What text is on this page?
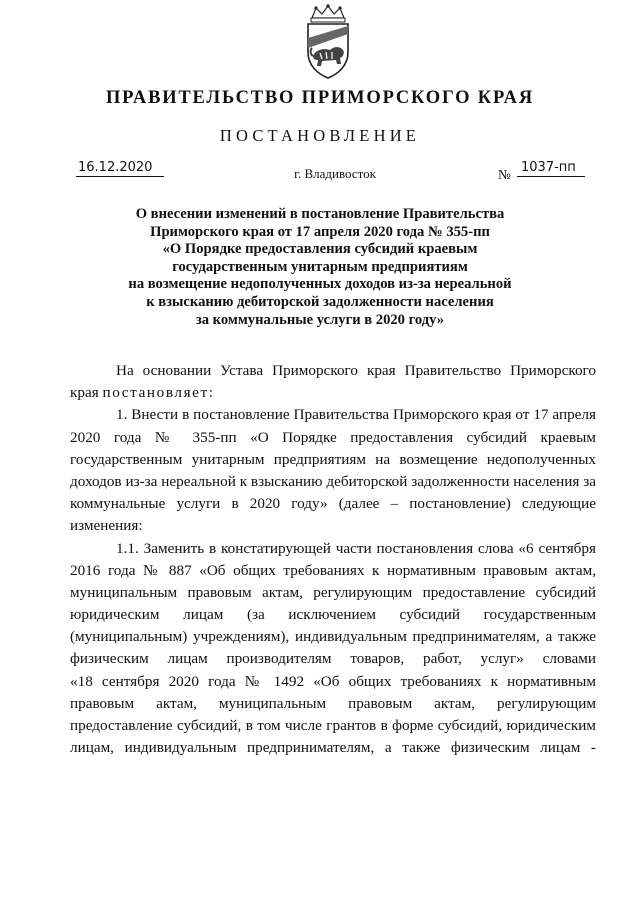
ПРАВИТЕЛЬСТВО ПРИМОРСКОГО КРАЯ
ПОСТАНОВЛЕНИЕ
16.12.2020	г. Владивосток	№ 1037-пп
О внесении изменений в постановление Правительства
Приморского края от 17 апреля 2020 года № 355-пп
«О Порядке предоставления субсидий краевым
государственным унитарным предприятиям
на возмещение недополученных доходов из-за нереальной
к взысканию дебиторской задолженности населения
за коммунальные услуги в 2020 году»
На основании Устава Приморского края Правительство Приморского
края постановляет:
1. Внести в постановление Правительства Приморского края от 17 апреля
2020 года № 355-пп «О Порядке предоставления субсидий краевым
государственным унитарным предприятиям на возмещение недополученных
доходов из-за нереальной к взысканию дебиторской задолженности населения за
коммунальные услуги в 2020 году» (далее – постановление) следующие
изменения:
1.1. Заменить в констатирующей части постановления слова «6 сентября
2016 года № 887 «Об общих требованиях к нормативным правовым актам,
муниципальным правовым актам, регулирующим предоставление субсидий
юридическим лицам (за исключением субсидий государственным
(муниципальным) учреждениям), индивидуальным предпринимателям, а также
физическим лицам производителям товаров, работ, услуг» словами
«18 сентября 2020 года № 1492 «Об общих требованиях к нормативным
правовым актам, муниципальным правовым актам, регулирующим
предоставление субсидий, в том числе грантов в форме субсидий, юридическим
лицам, индивидуальным предпринимателям, а также физическим лицам -
